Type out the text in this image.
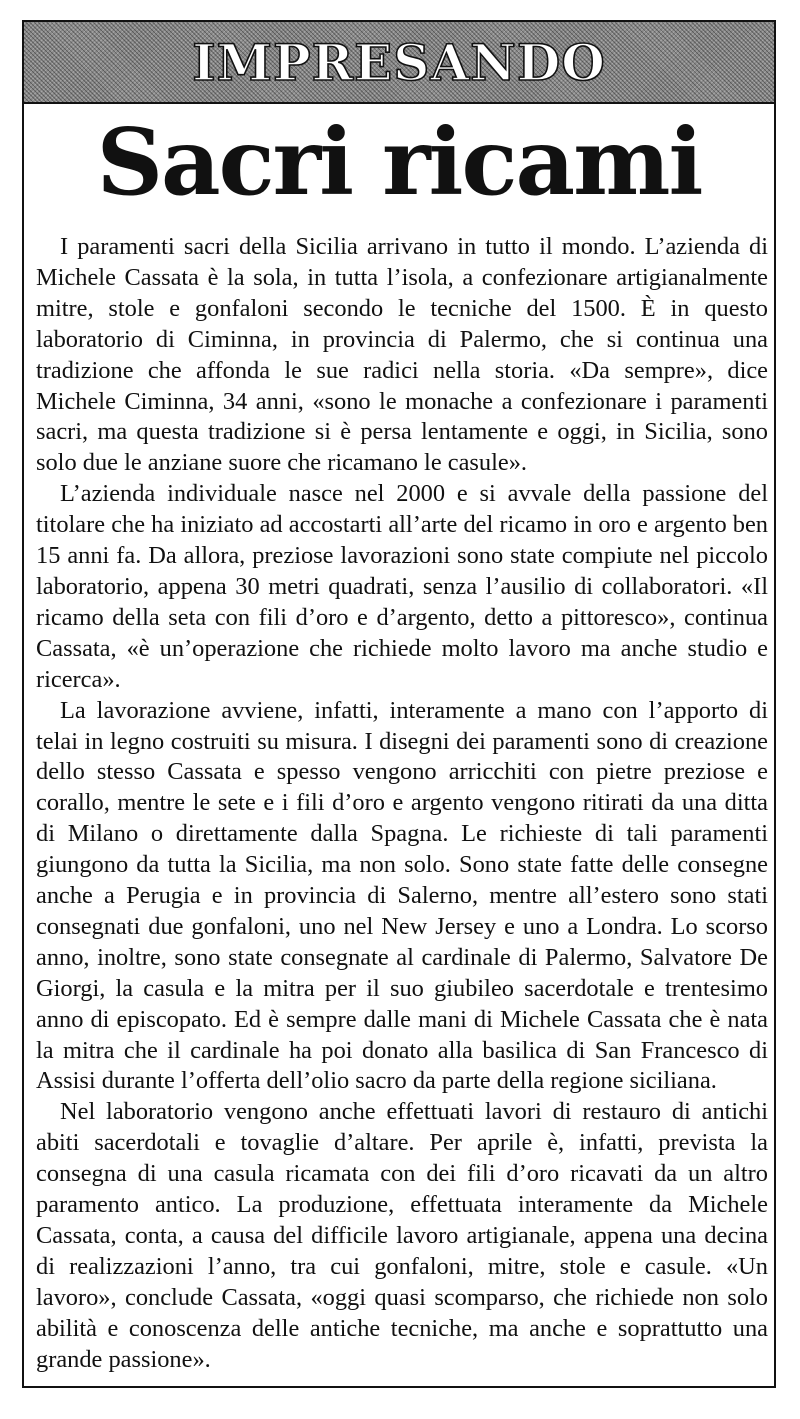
IMPRESANDO
Sacri ricami

I paramenti sacri della Sicilia arrivano in tutto il mondo. L’azienda di Michele Cassata è la sola, in tutta l’isola, a confezionare artigianalmente mitre, stole e gonfaloni secondo le tecniche del 1500. È in questo laboratorio di Ciminna, in provincia di Palermo, che si continua una tradizione che affonda le sue radici nella storia. «Da sempre», dice Michele Ciminna, 34 anni, «sono le monache a confezionare i paramenti sacri, ma questa tradizione si è persa lentamente e oggi, in Sicilia, sono solo due le anziane suore che ricamano le casule».

L’azienda individuale nasce nel 2000 e si avvale della passione del titolare che ha iniziato ad accostarti all’arte del ricamo in oro e argento ben 15 anni fa. Da allora, preziose lavorazioni sono state compiute nel piccolo laboratorio, appena 30 metri quadrati, senza l’ausilio di collaboratori. «Il ricamo della seta con fili d’oro e d’argento, detto a pittoresco», continua Cassata, «è un’operazione che richiede molto lavoro ma anche studio e ricerca».

La lavorazione avviene, infatti, interamente a mano con l’apporto di telai in legno costruiti su misura. I disegni dei paramenti sono di creazione dello stesso Cassata e spesso vengono arricchiti con pietre preziose e corallo, mentre le sete e i fili d’oro e argento vengono ritirati da una ditta di Milano o direttamente dalla Spagna. Le richieste di tali paramenti giungono da tutta la Sicilia, ma non solo. Sono state fatte delle consegne anche a Perugia e in provincia di Salerno, mentre all’estero sono stati consegnati due gonfaloni, uno nel New Jersey e uno a Londra. Lo scorso anno, inoltre, sono state consegnate al cardinale di Palermo, Salvatore De Giorgi, la casula e la mitra per il suo giubileo sacerdotale e trentesimo anno di episcopato. Ed è sempre dalle mani di Michele Cassata che è nata la mitra che il cardinale ha poi donato alla basilica di San Francesco di Assisi durante l’offerta dell’olio sacro da parte della regione siciliana.

Nel laboratorio vengono anche effettuati lavori di restauro di antichi abiti sacerdotali e tovaglie d’altare. Per aprile è, infatti, prevista la consegna di una casula ricamata con dei fili d’oro ricavati da un altro paramento antico. La produzione, effettuata interamente da Michele Cassata, conta, a causa del difficile lavoro artigianale, appena una decina di realizzazioni l’anno, tra cui gonfaloni, mitre, stole e casule. «Un lavoro», conclude Cassata, «oggi quasi scomparso, che richiede non solo abilità e conoscenza delle antiche tecniche, ma anche e soprattutto una grande passione».
